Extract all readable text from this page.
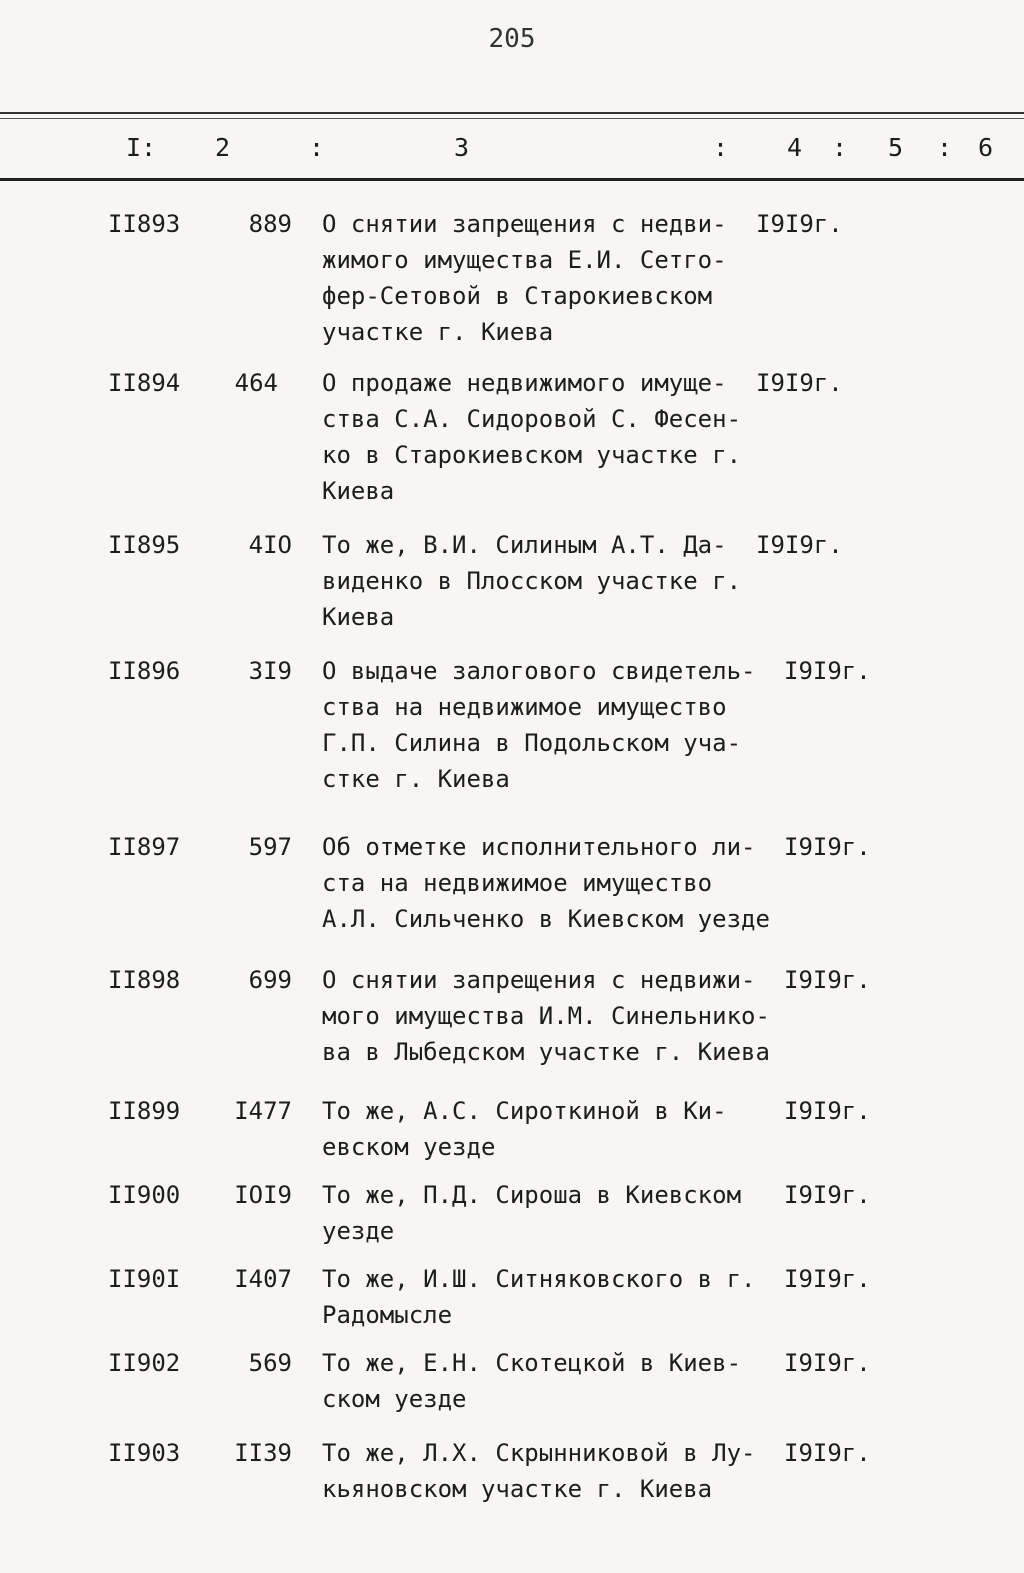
205
I: 2	:	3	: 4 : 5 : 6
II893	889 О снятии запрещения с недви-
жимого имущества Е.И. Сетго-
фер-Сетовой в Старокиевском
участке г. Киева
I9I9г.
II894	464 О продаже недвижимого имуще-
ства С.А. Сидоровой С. Фесен-
ко в Старокиевском участке г.
Киева
I9I9г.
II895	4IO То же, В.И. Силиным А.Т. Да-
виденко в Плосском участке г.
Киева
I9I9г.
II896	3I9 О выдаче залогового свидетель-
ства на недвижимое имущество
Г.П. Силина в Подольском уча-
стке г. Киева
I9I9г.
II897	597 Об отметке исполнительного ли-
ста на недвижимое имущество
А.Л. Сильченко в Киевском уезде
I9I9г.
II898	699 О снятии запрещения с недвижи-
мого имущества И.М. Синельнико-
ва в Лыбедском участке г. Киева
I9I9г.
II899	I477 То же, А.С. Сироткиной в Ки-
евском уезде
I9I9г.
II900	IOI9 То же, П.Д. Сироша в Киевском
уезде
I9I9г.
II90I	I407 То же, И.Ш. Ситняковского в г.
Радомысле
I9I9г.
II902	569 То же, Е.Н. Скотецкой в Киев-
ском уезде
I9I9г.
II903	II39 То же, Л.Х. Скрынниковой в Лу-
кьяновском участке г. Киева
I9I9г.
